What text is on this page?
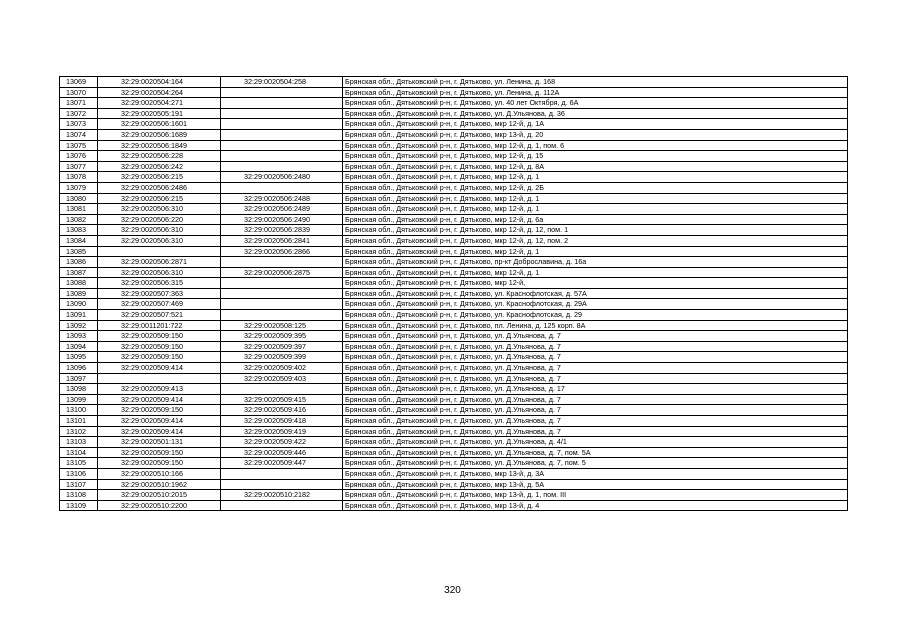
13069	32:29:0020504:164	32:29:0020504:258	Брянская обл., Дятьковский р-н, г. Дятьково, ул. Ленина, д. 168
13070	32:29:0020504:264		Брянская обл., Дятьковский р-н, г. Дятьково, ул. Ленина, д. 112А
13071	32:29:0020504:271		Брянская обл., Дятьковский р-н, г. Дятьково, ул. 40 лет Октября, д. 6А
13072	32:29:0020505:191		Брянская обл., Дятьковский р-н, г. Дятьково, ул. Д.Ульянова, д. 36
13073	32:29:0020506:1601		Брянская обл., Дятьковский р-н, г. Дятьково, мкр 12-й, д. 1А
13074	32:29:0020506:1689		Брянская обл., Дятьковский р-н, г. Дятьково, мкр 13-й, д. 20
13075	32:29:0020506:1849		Брянская обл., Дятьковский р-н, г. Дятьково, мкр 12-й, д. 1, пом. 6
13076	32:29:0020506:228		Брянская обл., Дятьковский р-н, г. Дятьково, мкр 12-й, д. 15
13077	32:29:0020506:242		Брянская обл., Дятьковский р-н, г. Дятьково, мкр 12-й, д. 8А
13078	32:29:0020506:215	32:29:0020506:2480	Брянская обл., Дятьковский р-н, г. Дятьково, мкр 12-й, д. 1
13079	32:29:0020506:2486		Брянская обл., Дятьковский р-н, г. Дятьково, мкр 12-й, д. 2Б
13080	32:29:0020506:215	32:29:0020506:2488	Брянская обл., Дятьковский р-н, г. Дятьково, мкр 12-й, д. 1
13081	32:29:0020506:310	32:29:0020506:2489	Брянская обл., Дятьковский р-н, г. Дятьково, мкр 12-й, д. 1
13082	32:29:0020506:220	32:29:0020506:2490	Брянская обл., Дятьковский р-н, г. Дятьково, мкр 12-й, д. 6а
13083	32:29:0020506:310	32:29:0020506:2839	Брянская обл., Дятьковский р-н, г. Дятьково, мкр 12-й, д. 12, пом. 1
13084	32:29:0020506:310	32:29:0020506:2841	Брянская обл., Дятьковский р-н, г. Дятьково, мкр 12-й, д. 12, пом. 2
13085		32:29:0020506:2866	Брянская обл., Дятьковский р-н, г. Дятьково, мкр 12-й, д. 1
13086	32:29:0020506:2871		Брянская обл., Дятьковский р-н, г. Дятьково, пр-кт Доброславина, д. 16а
13087	32:29:0020506:310	32:29:0020506:2875	Брянская обл., Дятьковский р-н, г. Дятьково, мкр 12-й, д. 1
13088	32:29:0020506:315		Брянская обл., Дятьковский р-н, г. Дятьково, мкр 12-й,
13089	32:29:0020507:363		Брянская обл., Дятьковский р-н, г. Дятьково, ул. Краснофлотская, д. 57А
13090	32:29:0020507:469		Брянская обл., Дятьковский р-н, г. Дятьково, ул. Краснофлотская, д. 29А
13091	32:29:0020507:521		Брянская обл., Дятьковский р-н, г. Дятьково, ул. Краснофлотская, д. 29
13092	32:29:0011201:722	32:29:0020508:125	Брянская обл., Дятьковский р-н, г. Дятьково, пл. Ленина, д. 125 корп. 8А
13093	32:29:0020509:150	32:29:0020509:395	Брянская обл., Дятьковский р-н, г. Дятьково, ул. Д.Ульянова, д. 7
13094	32:29:0020509:150	32:29:0020509:397	Брянская обл., Дятьковский р-н, г. Дятьково, ул. Д.Ульянова, д. 7
13095	32:29:0020509:150	32:29:0020509:399	Брянская обл., Дятьковский р-н, г. Дятьково, ул. Д.Ульянова, д. 7
13096	32:29:0020509:414	32:29:0020509:402	Брянская обл., Дятьковский р-н, г. Дятьково, ул. Д.Ульянова, д. 7
13097		32:29:0020509:403	Брянская обл., Дятьковский р-н, г. Дятьково, ул. Д.Ульянова, д. 7
13098	32:29:0020509:413		Брянская обл., Дятьковский р-н, г. Дятьково, ул. Д.Ульянова, д. 17
13099	32:29:0020509:414	32:29:0020509:415	Брянская обл., Дятьковский р-н, г. Дятьково, ул. Д.Ульянова, д. 7
13100	32:29:0020509:150	32:29:0020509:416	Брянская обл., Дятьковский р-н, г. Дятьково, ул. Д.Ульянова, д. 7
13101	32:29:0020509:414	32:29:0020509:418	Брянская обл., Дятьковский р-н, г. Дятьково, ул. Д.Ульянова, д. 7
13102	32:29:0020509:414	32:29:0020509:419	Брянская обл., Дятьковский р-н, г. Дятьково, ул. Д.Ульянова, д. 7
13103	32:29:0020501:131	32:29:0020509:422	Брянская обл., Дятьковский р-н, г. Дятьково, ул. Д.Ульянова, д. 4/1
13104	32:29:0020509:150	32:29:0020509:446	Брянская обл., Дятьковский р-н, г. Дятьково, ул. Д.Ульянова, д. 7, пом. 5А
13105	32:29:0020509:150	32:29:0020509:447	Брянская обл., Дятьковский р-н, г. Дятьково, ул. Д.Ульянова, д. 7, пом. 5
13106	32:29:0020510:166		Брянская обл., Дятьковский р-н, г. Дятьково, мкр 13-й, д. 3А
13107	32:29:0020510:1962		Брянская обл., Дятьковский р-н, г. Дятьково, мкр 13-й, д. 5А
13108	32:29:0020510:2015	32:29:0020510:2182	Брянская обл., Дятьковский р-н, г. Дятьково, мкр 13-й, д. 1, пом. III
13109	32:29:0020510:2200		Брянская обл., Дятьковский р-н, г. Дятьково, мкр 13-й, д. 4
320
